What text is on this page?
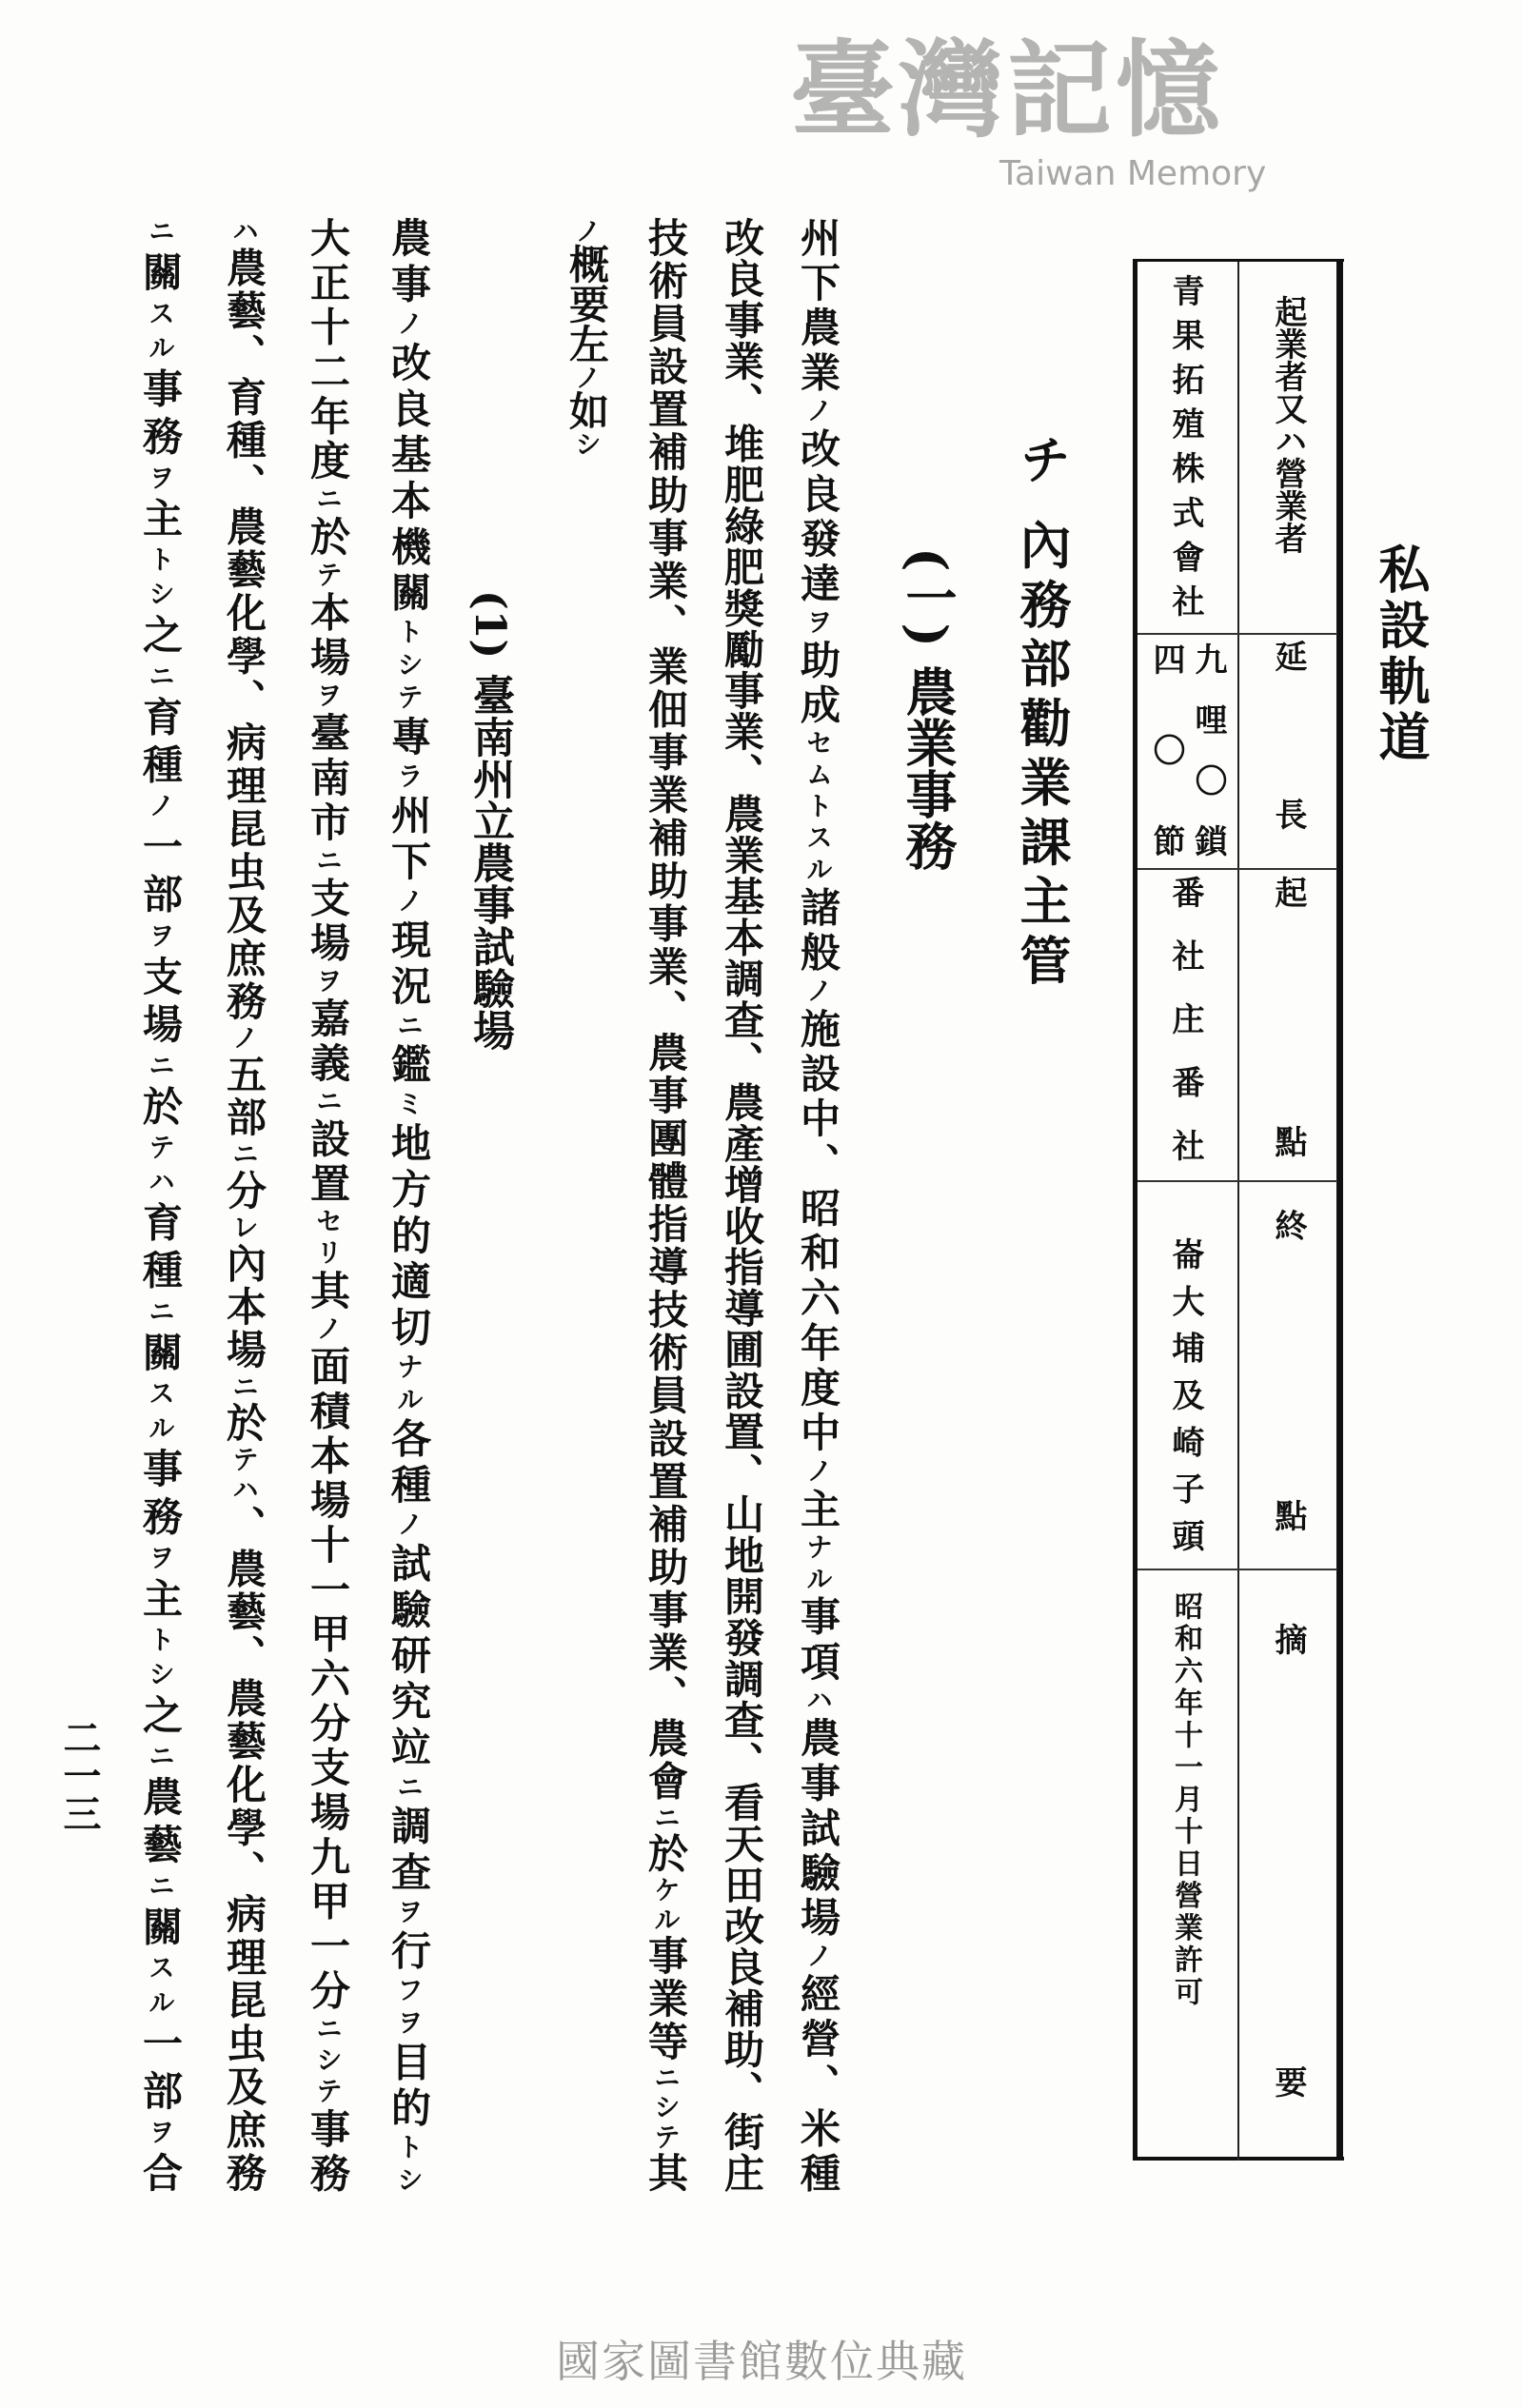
私設軌道
起業者又ハ營業者
青果拓殖株式會社
延長
九哩〇鎖
四〇節
起
點
番社庄番社
終
點
崙大埔及崎子頭
摘
要
昭和六年十一月十日營業許可
チ 內務部勸業課主管
(一) 農業事務
州下農業ノ改良發達ヲ助成セムトスル諸般ノ施設中、昭和六年度中ノ主ナル事項ハ農事試驗場ノ經營、米種
改良事業、堆肥綠肥獎勵事業、農業基本調查、農產增收指導圃設置、山地開發調查、看天田改良補助、街庄
技術員設置補助事業、業佃事業補助事業、農事團體指導技術員設置補助事業、農會ニ於ケル事業等ニシテ其
ノ概要左ノ如シ
(1) 臺南州立農事試驗場
農事ノ改良基本機關トシテ專ラ州下ノ現況ニ鑑ミ地方的適切ナル各種ノ試驗研究竝ニ調查ヲ行フヲ目的トシ
大正十二年度ニ於テ本場ヲ臺南市ニ支場ヲ嘉義ニ設置セリ其ノ面積本場十一甲六分支場九甲一分ニシテ事務
ハ農藝、育種、農藝化學、病理昆虫及庶務ノ五部ニ分レ內本場ニ於テハ、農藝、農藝化學、病理昆虫及庶務
ニ關スル事務ヲ主トシ之ニ育種ノ一部ヲ支場ニ於テハ育種ニ關スル事務ヲ主トシ之ニ農藝ニ關スル一部ヲ合
二一三
臺灣記憶
Taiwan Memory
國家圖書館數位典藏
